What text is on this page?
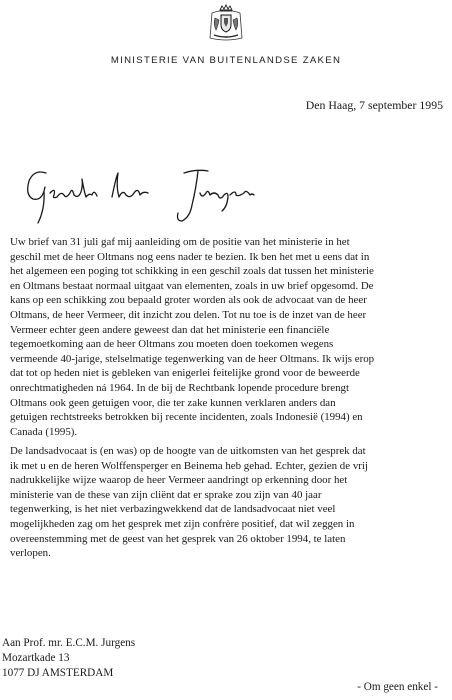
MINISTERIE VAN BUITENLANDSE ZAKEN
Den Haag, 7 september 1995
Uw brief van 31 juli gaf mij aanleiding om de positie van het ministerie in het
geschil met de heer Oltmans nog eens nader te bezien. Ik ben het met u eens dat in
het algemeen een poging tot schikking in een geschil zoals dat tussen het ministerie
en Oltmans bestaat normaal uitgaat van elementen, zoals in uw brief opgesomd. De
kans op een schikking zou bepaald groter worden als ook de advocaat van de heer
Oltmans, de heer Vermeer, dit inzicht zou delen. Tot nu toe is de inzet van de heer
Vermeer echter geen andere geweest dan dat het ministerie een financiële
tegemoetkoming aan de heer Oltmans zou moeten doen toekomen wegens
vermeende 40-jarige, stelselmatige tegenwerking van de heer Oltmans. Ik wijs erop
dat tot op heden niet is gebleken van enigerlei feitelijke grond voor de beweerde
onrechtmatigheden ná 1964. In de bij de Rechtbank lopende procedure brengt
Oltmans ook geen getuigen voor, die ter zake kunnen verklaren anders dan
getuigen rechtstreeks betrokken bij recente incidenten, zoals Indonesië (1994) en
Canada (1995).
De landsadvocaat is (en was) op de hoogte van de uitkomsten van het gesprek dat
ik met u en de heren Wolffensperger en Beinema heb gehad. Echter, gezien de vrij
nadrukkelijke wijze waarop de heer Vermeer aandringt op erkenning door het
ministerie van de these van zijn cliënt dat er sprake zou zijn van 40 jaar
tegenwerking, is het niet verbazingwekkend dat de landsadvocaat niet veel
mogelijkheden zag om het gesprek met zijn confrère positief, dat wil zeggen in
overeenstemming met de geest van het gesprek van 26 oktober 1994, te laten
verlopen.
Aan Prof. mr. E.C.M. Jurgens
Mozartkade 13
1077 DJ AMSTERDAM
- Om geen enkel -
